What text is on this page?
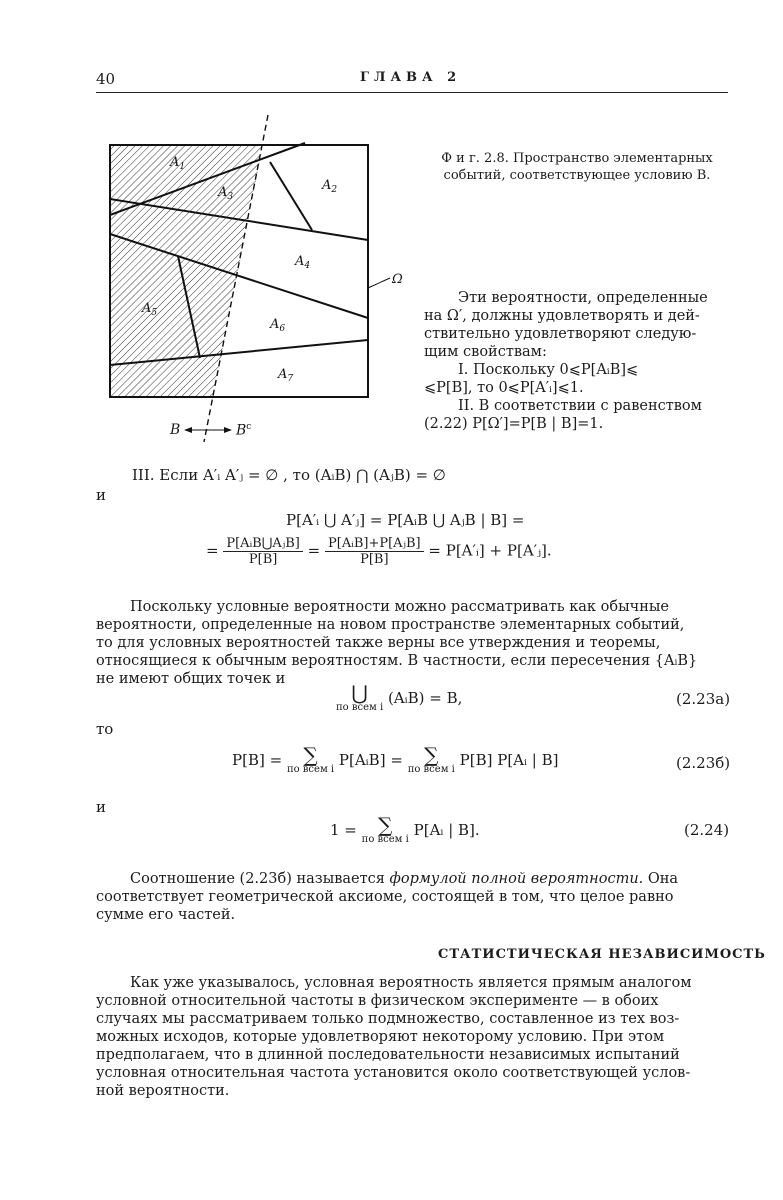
40	ГЛАВА 2
$A_1$
$A_2$
$A_3$
$A_4$
$A_5$
$A_6$
$A_7$
Ω
B	$B^c$
Ф и г. 2.8. Пространство элементарных
событий, соответствующее условию B.
Эти вероятности, определенные
на Ω′, должны удовлетворять и дей-
ствительно удовлетворяют следую-
щим свойствам:
I. Поскольку 0⩽P[AᵢB]⩽
⩽P[B], то 0⩽P[A′ᵢ]⩽1.
II. В соответствии с равенством
(2.22) P[Ω′]=P[B | B]=1.
III. Если A′ᵢ A′ⱼ = ∅ , то (AᵢB) ⋂ (AⱼB) = ∅
и
P[A′ᵢ ⋃ A′ⱼ] = P[AᵢB ⋃ AⱼB | B] =
= $\frac{\text{P[AᵢB⋃AⱼB]}}{P[B]} = \frac{\text{P[AᵢB]+P[AⱼB]}}{P[B]}$ = P[A′ᵢ] + P[A′ⱼ].
Поскольку условные вероятности можно рассматривать как обычные
вероятности, определенные на новом пространстве элементарных событий,
то для условных вероятностей также верны все утверждения и теоремы,
относящиеся к обычным вероятностям. В частности, если пересечения {AᵢB}
не имеют общих точек и
⋃
по всем i
(AᵢB) = B,	(2.23а)
то
P[B] =	∑
по всем i
P[AᵢB] =	∑
по всем i
P[B] P[Aᵢ | B]	(2.23б)
и
1 =	∑
по всем i
P[Aᵢ | B].	(2.24)
Соотношение (2.23б) называется формулой полной вероятности. Она
соответствует геометрической аксиоме, состоящей в том, что целое равно
сумме его частей.
СТАТИСТИЧЕСКАЯ НЕЗАВИСИМОСТЬ
Как уже указывалось, условная вероятность является прямым аналогом
условной относительной частоты в физическом эксперименте — в обоих
случаях мы рассматриваем только подмножество, составленное из тех воз-
можных исходов, которые удовлетворяют некоторому условию. При этом
предполагаем, что в длинной последовательности независимых испытаний
условная относительная частота установится около соответствующей услов-
ной вероятности.
